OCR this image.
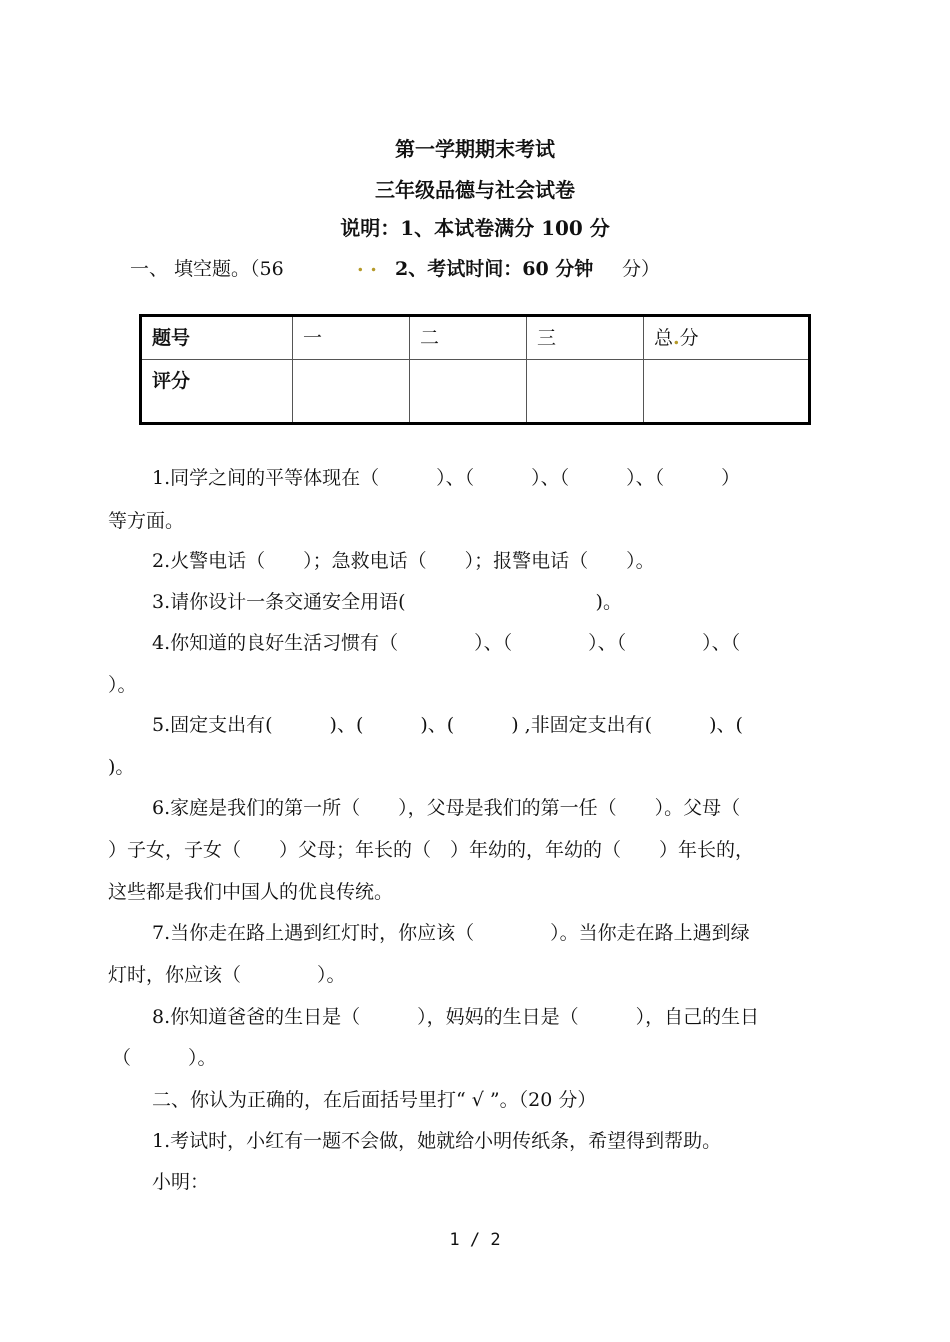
第一学期期末考试
三年级品德与社会试卷
说明：1、本试卷满分 100 分
一、 填空题。（56	. . 2、考试时间：60 分钟 分）
题号	一	二	三	总.分
评分				
1.同学之间的平等体现在（　　　）、（　　　）、（　　　）、（　　　）
等方面。
2.火警电话（　　）；急救电话（　　）；报警电话（　　）。
3.请你设计一条交通安全用语(　　　　　　　　　　)。
4.你知道的良好生活习惯有（　　　　）、（　　　　）、（　　　　）、（
）。
5.固定支出有(　　　)、(　　　)、(　　　) ,非固定支出有(　　　)、(
)。
6.家庭是我们的第一所（　　），父母是我们的第一任（　　）。父母（
）子女，子女（　　）父母；年长的（　）年幼的，年幼的（　　）年长的，
这些都是我们中国人的优良传统。
7.当你走在路上遇到红灯时，你应该（　　　　）。当你走在路上遇到绿
灯时，你应该（　　　　）。
8.你知道爸爸的生日是（　　　），妈妈的生日是（　　　），自己的生日
（　　　）。
二、你认为正确的，在后面括号里打“ √ ”。（20 分）
1.考试时，小红有一题不会做，她就给小明传纸条，希望得到帮助。
小明：
1 / 2
